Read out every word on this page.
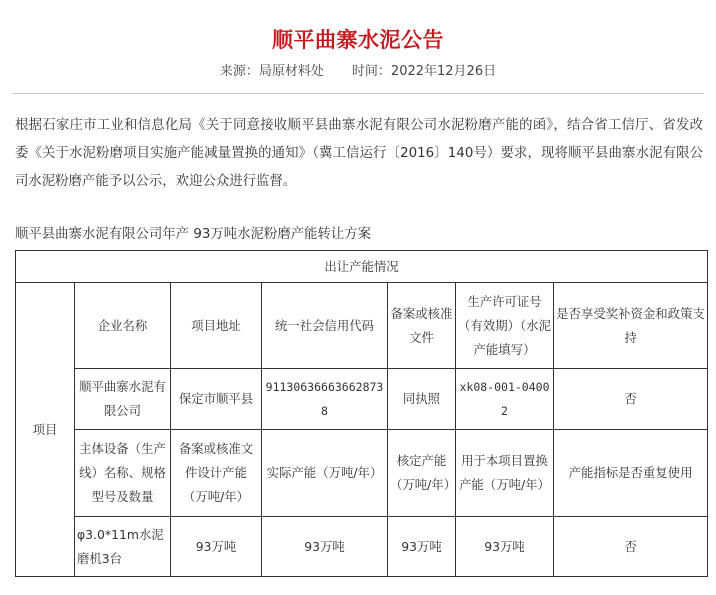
顺平曲寨水泥公告
来源：局原材料处 时间：2022年12月26日
根据石家庄市工业和信息化局《关于同意接收顺平县曲寨水泥有限公司水泥粉磨产能的函》，结合省工信厅、省发改委《关于水泥粉磨项目实施产能减量置换的通知》（冀工信运行〔2016〕140号）要求，现将顺平县曲寨水泥有限公司水泥粉磨产能予以公示，欢迎公众进行监督。
顺平县曲寨水泥有限公司年产 93万吨水泥粉磨产能转让方案
出让产能情况						
项目	企业名称	项目地址	统一社会信用代码	备案或核准文件	生产许可证号（有效期）（水泥产能填写）	是否享受奖补资金和政策支持
	顺平曲寨水泥有限公司	保定市顺平县	911306366636628738	同执照	xk08-001-04002	否
	主体设备（生产线）名称、规格型号及数量	备案或核准文件设计产能（万吨/年）	实际产能（万吨/年）	核定产能（万吨/年）	用于本项目置换产能（万吨/年）	产能指标是否重复使用
	φ3.0*11m水泥磨机3台	93万吨	93万吨	93万吨	93万吨	否
